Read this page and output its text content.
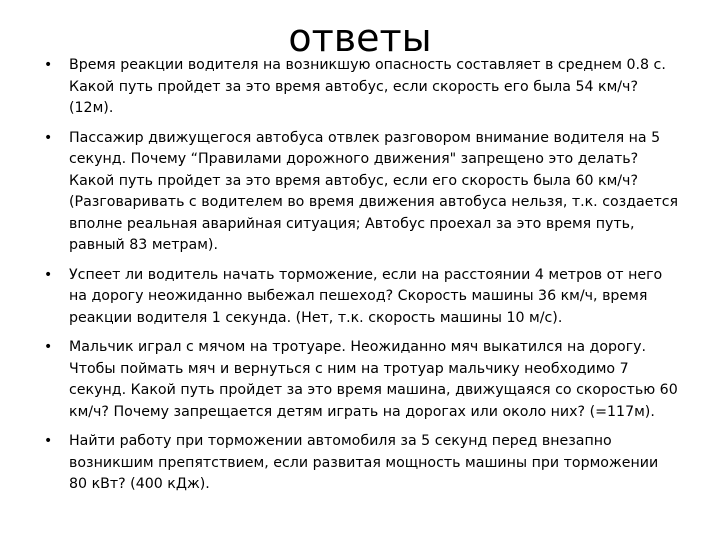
ответы
•	Время реакции водителя на возникшую опасность составляет в среднем 0.8 с. Какой путь пройдет за это время автобус, если скорость его была 54 км/ч? (12м).
•	Пассажир движущегося автобуса отвлек разговором внимание водителя на 5 секунд. Почему “Правилами дорожного движения" запрещено это делать? Какой путь пройдет за это время автобус, если его скорость была 60 км/ч? (Разговаривать с водителем во время движения автобуса нельзя, т.к. создается вполне реальная аварийная ситуация; Автобус проехал за это время путь, равный 83 метрам).
•	Успеет ли водитель начать торможение, если на расстоянии 4 метров от него на дорогу неожиданно выбежал пешеход? Скорость машины 36 км/ч, время реакции водителя 1 секунда. (Нет, т.к. скорость машины 10 м/с).
•	Мальчик играл с мячом на тротуаре. Неожиданно мяч выкатился на дорогу. Чтобы поймать мяч и вернуться с ним на тротуар мальчику необходимо 7 секунд. Какой путь пройдет за это время машина, движущаяся со скоростью 60 км/ч? Почему запрещается детям играть на дорогах или около них? (=117м).
•	Найти работу при торможении автомобиля за 5 секунд перед внезапно возникшим препятствием, если развитая мощность машины при торможении 80 кВт? (400 кДж).
